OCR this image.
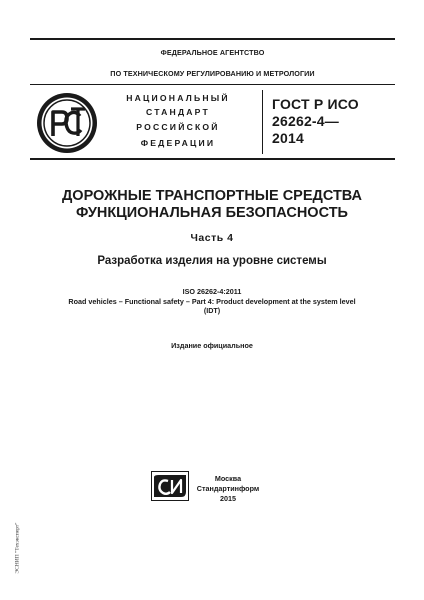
ФЕДЕРАЛЬНОЕ АГЕНТСТВО
ПО ТЕХНИЧЕСКОМУ РЕГУЛИРОВАНИЮ И МЕТРОЛОГИИ
НАЦИОНАЛЬНЫЙ
СТАНДАРТ
РОССИЙСКОЙ
ФЕДЕРАЦИИ
ГОСТ Р ИСО
26262-4—
2014
ДОРОЖНЫЕ ТРАНСПОРТНЫЕ СРЕДСТВА
ФУНКЦИОНАЛЬНАЯ БЕЗОПАСНОСТЬ
Часть 4
Разработка изделия на уровне системы
ISO 26262-4:2011
Road vehicles – Functional safety – Part 4: Product development at the system level
(IDT)
Издание официальное
Москва
Стандартинформ
2015
ЭСНИП "Техэксперт"
